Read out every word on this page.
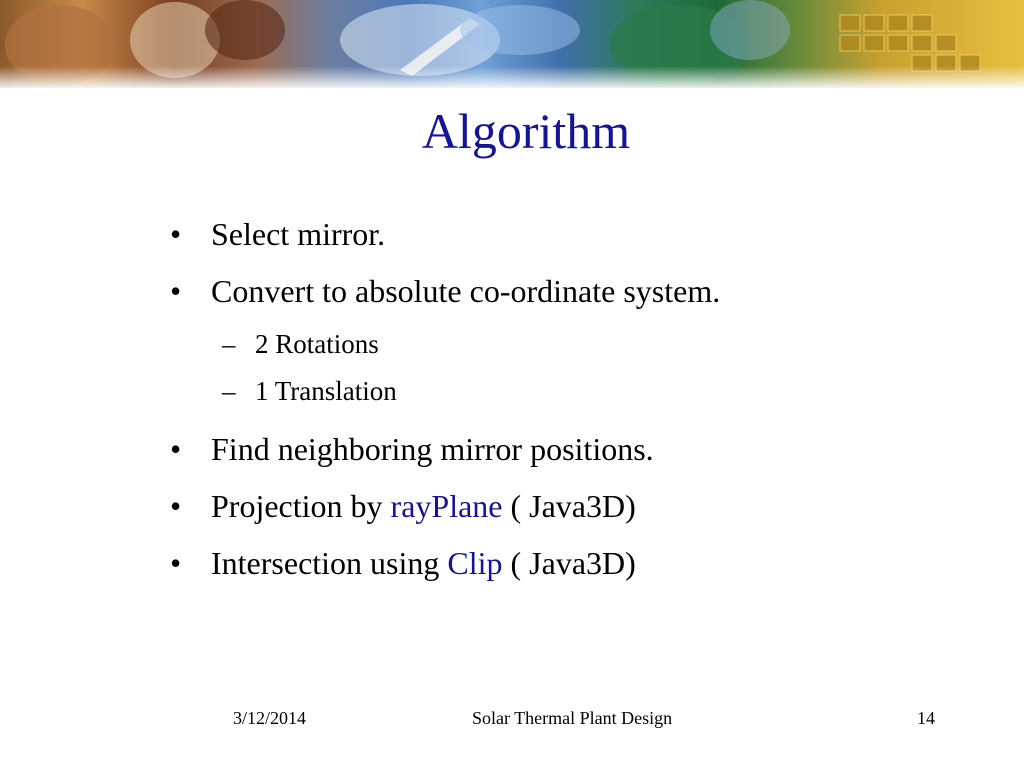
Algorithm
• Select mirror.
• Convert to absolute co-ordinate system.
– 2 Rotations
– 1 Translation
• Find neighboring mirror positions.
• Projection by rayPlane ( Java3D)
• Intersection using Clip ( Java3D)
3/12/2014	Solar Thermal Plant Design	14
